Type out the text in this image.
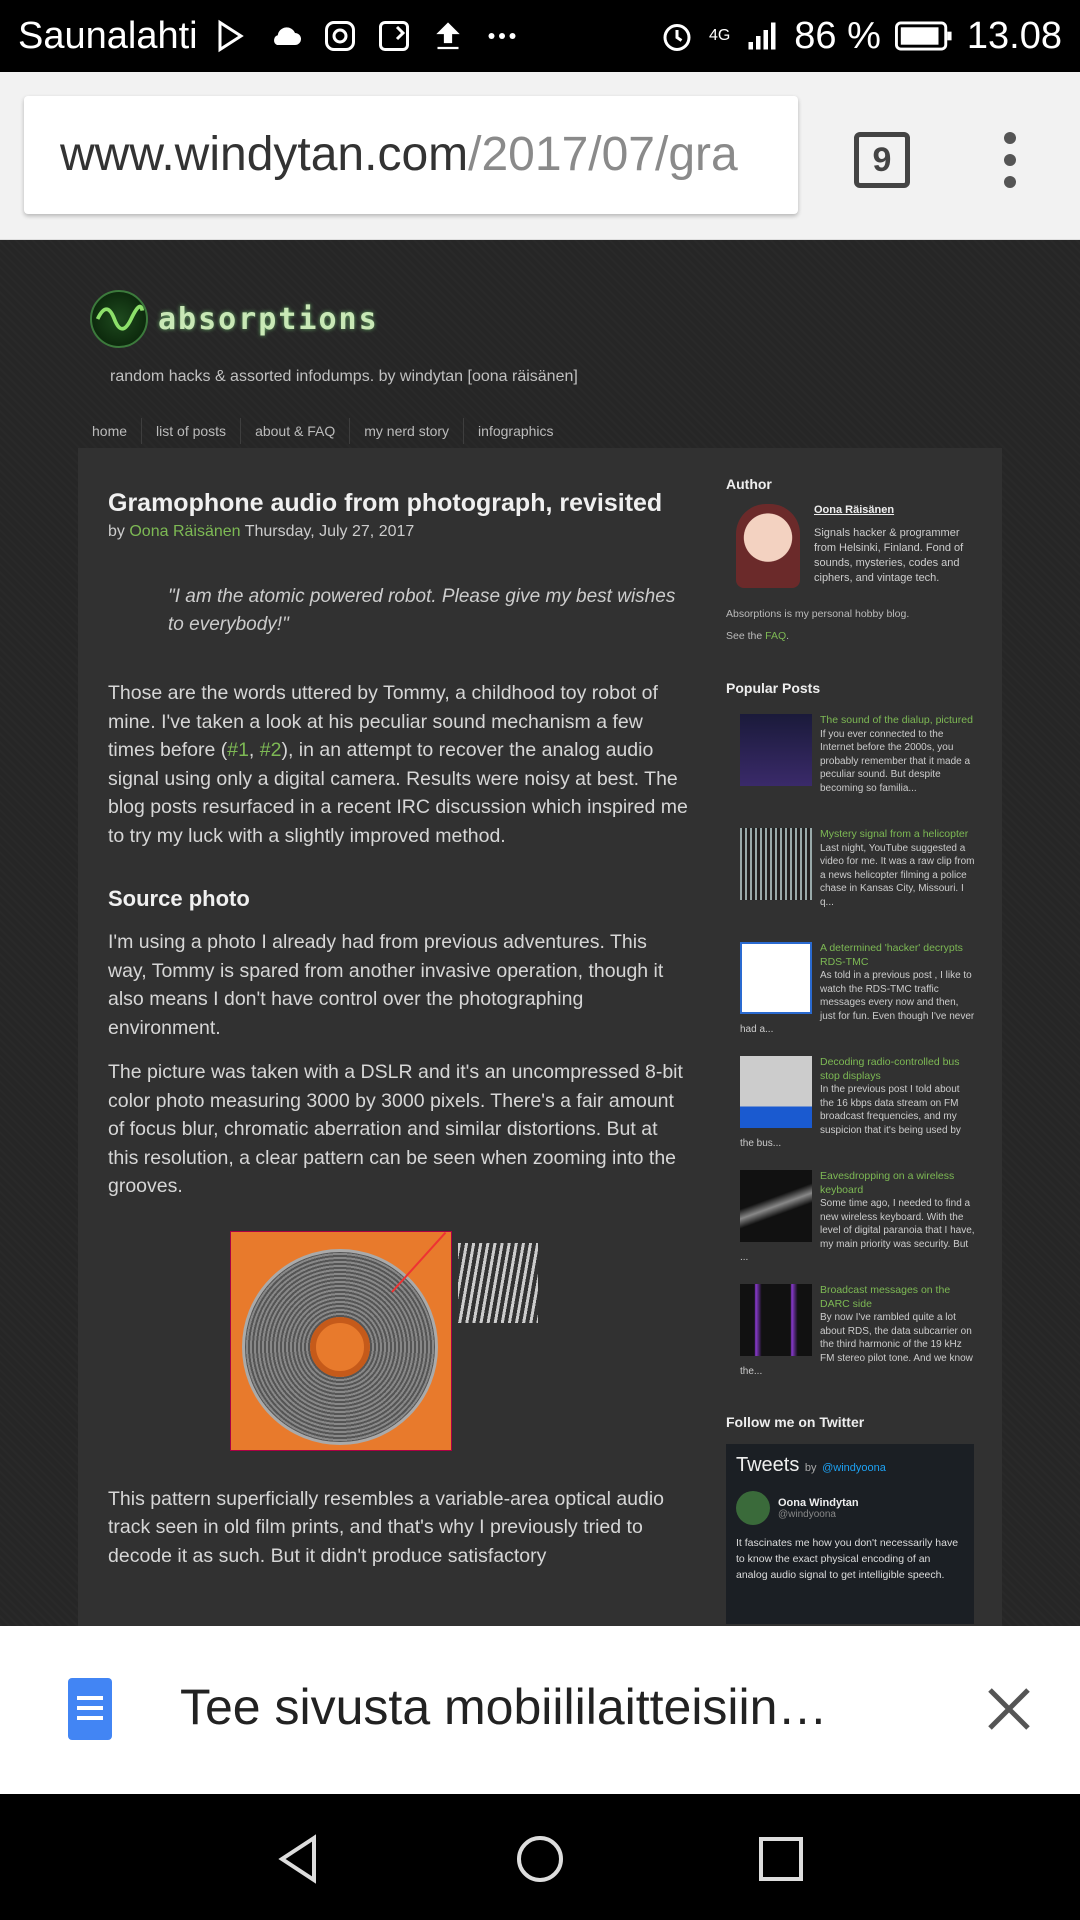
Saunalahti	4G 86 % 13.08
www.windytan.com/2017/07/gra	9
absorptions
random hacks & assorted infodumps. by windytan [oona räisänen]
home	list of posts	about & FAQ	my nerd story	infographics
Gramophone audio from photograph, revisited
by Oona Räisänen Thursday, July 27, 2017
"I am the atomic powered robot. Please give my best wishes to everybody!"

Those are the words uttered by Tommy, a childhood toy robot of mine. I've taken a look at his peculiar sound mechanism a few times before (#1, #2), in an attempt to recover the analog audio signal using only a digital camera. Results were noisy at best. The blog posts resurfaced in a recent IRC discussion which inspired me to try my luck with a slightly improved method.

Source photo

I'm using a photo I already had from previous adventures. This way, Tommy is spared from another invasive operation, though it also means I don't have control over the photographing environment.

The picture was taken with a DSLR and it's an uncompressed 8-bit color photo measuring 3000 by 3000 pixels. There's a fair amount of focus blur, chromatic aberration and similar distortions. But at this resolution, a clear pattern can be seen when zooming into the grooves.

This pattern superficially resembles a variable-area optical audio track seen in old film prints, and that's why I previously tried to decode it as such. But it didn't produce satisfactory

Author
Oona Räisänen
Signals hacker & programmer from Helsinki, Finland. Fond of sounds, mysteries, codes and ciphers, and vintage tech.
Absorptions is my personal hobby blog.
See the FAQ.
Popular Posts
The sound of the dialup, pictured
If you ever connected to the Internet before the 2000s, you probably remember that it made a peculiar sound. But despite becoming so familia...
Mystery signal from a helicopter
Last night, YouTube suggested a video for me. It was a raw clip from a news helicopter filming a police chase in Kansas City, Missouri. I q...
A determined 'hacker' decrypts RDS-TMC
As told in a previous post , I like to watch the RDS-TMC traffic messages every now and then, just for fun. Even though I've never had a...
Decoding radio-controlled bus stop displays
In the previous post I told about the 16 kbps data stream on FM broadcast frequencies, and my suspicion that it's being used by the bus...
Eavesdropping on a wireless keyboard
Some time ago, I needed to find a new wireless keyboard. With the level of digital paranoia that I have, my main priority was security. But ...
Broadcast messages on the DARC side
By now I've rambled quite a lot about RDS, the data subcarrier on the third harmonic of the 19 kHz FM stereo pilot tone. And we know the...
Follow me on Twitter
Tweets by @windyoona
Oona Windytan
@windyoona
It fascinates me how you don't necessarily have to know the exact physical encoding of an analog audio signal to get intelligible speech.
Tee sivusta mobiililaitteisiin…
